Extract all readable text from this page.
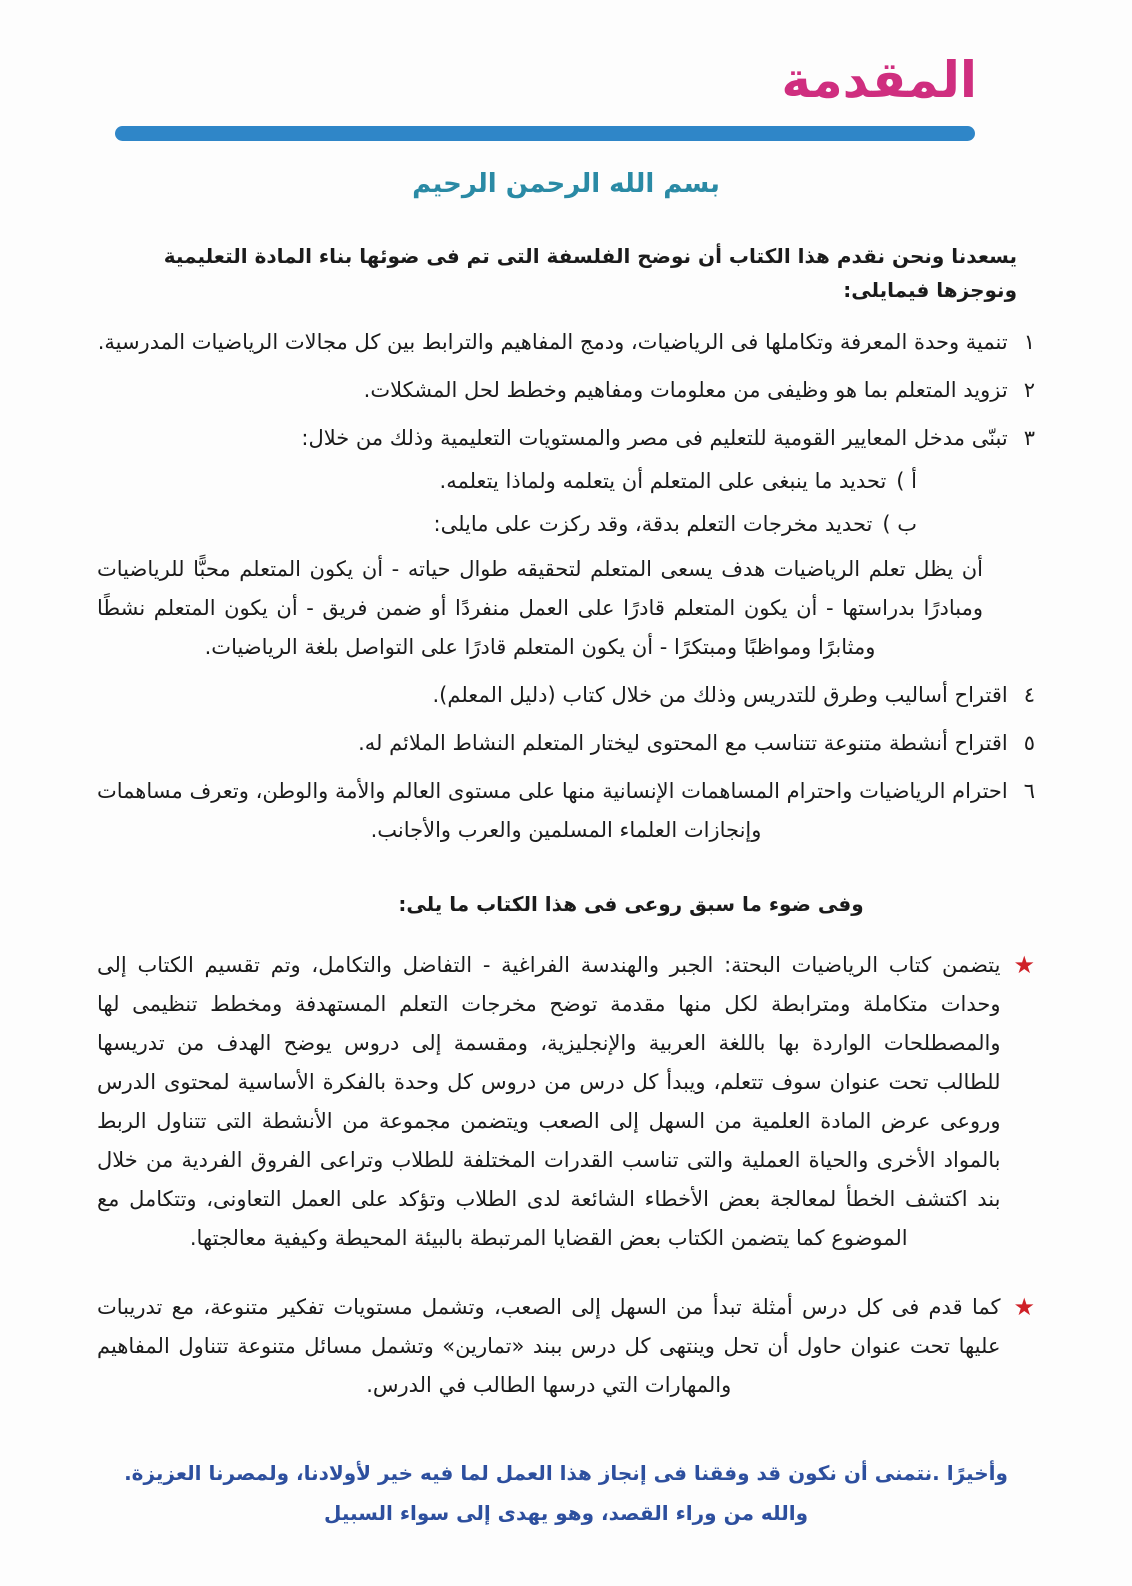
المقدمة
بسم الله الرحمن الرحيم

يسعدنا ونحن نقدم هذا الكتاب أن نوضح الفلسفة التى تم فى ضوئها بناء المادة التعليمية ونوجزها فيمايلى:

١تنمية وحدة المعرفة وتكاملها فى الرياضيات، ودمج المفاهيم والترابط بين كل مجالات الرياضيات المدرسية.
٢تزويد المتعلم بما هو وظيفى من معلومات ومفاهيم وخطط لحل المشكلات.
٣تبنّى مدخل المعايير القومية للتعليم فى مصر والمستويات التعليمية وذلك من خلال:
أ )تحديد ما ينبغى على المتعلم أن يتعلمه ولماذا يتعلمه.
ب )تحديد مخرجات التعلم بدقة، وقد ركزت على مايلى:

أن يظل تعلم الرياضيات هدف يسعى المتعلم لتحقيقه طوال حياته - أن يكون المتعلم محبًّا للرياضيات ومبادرًا بدراستها - أن يكون المتعلم قادرًا على العمل منفردًا أو ضمن فريق - أن يكون المتعلم نشطًا ومثابرًا ومواظبًا ومبتكرًا - أن يكون المتعلم قادرًا على التواصل بلغة الرياضيات.

٤اقتراح أساليب وطرق للتدريس وذلك من خلال كتاب (دليل المعلم).
٥اقتراح أنشطة متنوعة تتناسب مع المحتوى ليختار المتعلم النشاط الملائم له.
٦احترام الرياضيات واحترام المساهمات الإنسانية منها على مستوى العالم والأمة والوطن، وتعرف مساهمات وإنجازات العلماء المسلمين والعرب والأجانب.
وفى ضوء ما سبق روعى فى هذا الكتاب ما يلى:
★

يتضمن كتاب الرياضيات البحتة: الجبر والهندسة الفراغية - التفاضل والتكامل، وتم تقسيم الكتاب إلى وحدات متكاملة ومترابطة لكل منها مقدمة توضح مخرجات التعلم المستهدفة ومخطط تنظيمى لها والمصطلحات الواردة بها باللغة العربية والإنجليزية، ومقسمة إلى دروس يوضح الهدف من تدريسها للطالب تحت عنوان سوف تتعلم، ويبدأ كل درس من دروس كل وحدة بالفكرة الأساسية لمحتوى الدرس وروعى عرض المادة العلمية من السهل إلى الصعب ويتضمن مجموعة من الأنشطة التى تتناول الربط بالمواد الأخرى والحياة العملية والتى تناسب القدرات المختلفة للطلاب وتراعى الفروق الفردية من خلال بند اكتشف الخطأ لمعالجة بعض الأخطاء الشائعة لدى الطلاب وتؤكد على العمل التعاونى، وتتكامل مع الموضوع كما يتضمن الكتاب بعض القضايا المرتبطة بالبيئة المحيطة وكيفية معالجتها.

★

كما قدم فى كل درس أمثلة تبدأ من السهل إلى الصعب، وتشمل مستويات تفكير متنوعة، مع تدريبات عليها تحت عنوان حاول أن تحل وينتهى كل درس ببند «تمارين» وتشمل مسائل متنوعة تتناول المفاهيم والمهارات التي درسها الطالب في الدرس.

وأخيرًا .نتمنى أن نكون قد وفقنا فى إنجاز هذا العمل لما فيه خير لأولادنا، ولمصرنا العزيزة.

والله من وراء القصد، وهو يهدى إلى سواء السبيل
